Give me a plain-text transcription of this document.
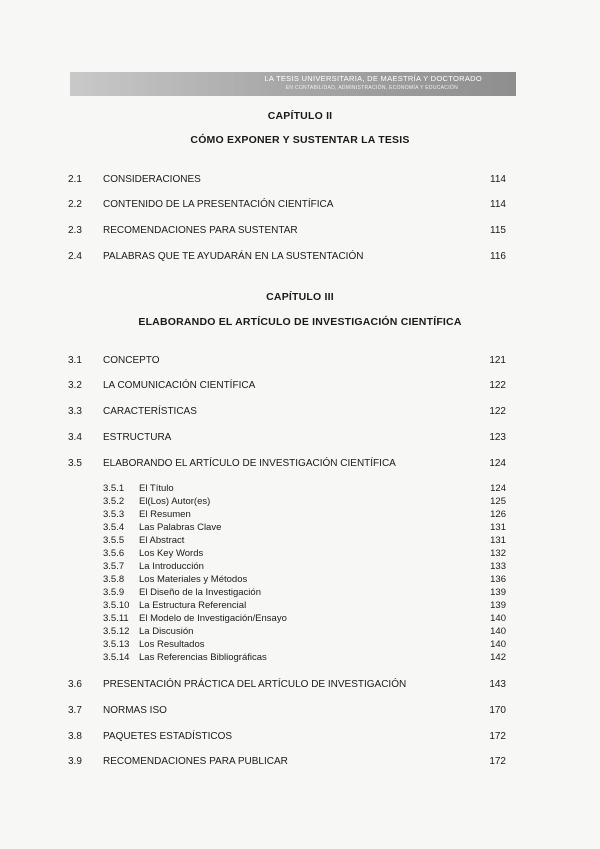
LA TESIS UNIVERSITARIA, DE MAESTRÍA Y DOCTORADO
EN CONTABILIDAD, ADMINISTRACIÓN, ECONOMÍA Y EDUCACIÓN
CAPÍTULO II
CÓMO EXPONER Y SUSTENTAR LA TESIS
2.1 CONSIDERACIONES	114
2.2 CONTENIDO DE LA PRESENTACIÓN CIENTÍFICA	114
2.3 RECOMENDACIONES PARA SUSTENTAR	115
2.4 PALABRAS QUE TE AYUDARÁN EN LA SUSTENTACIÓN	116
CAPÍTULO III
ELABORANDO EL ARTÍCULO DE INVESTIGACIÓN CIENTÍFICA
3.1 CONCEPTO	121
3.2 LA COMUNICACIÓN CIENTÍFICA	122
3.3 CARACTERÍSTICAS	122
3.4 ESTRUCTURA	123
3.5 ELABORANDO EL ARTÍCULO DE INVESTIGACIÓN CIENTÍFICA	124
3.5.1 El Título	124
3.5.2 El(Los) Autor(es)	125
3.5.3 El Resumen	126
3.5.4 Las Palabras Clave	131
3.5.5 El Abstract	131
3.5.6 Los Key Words	132
3.5.7 La Introducción	133
3.5.8 Los Materiales y Métodos	136
3.5.9 El Diseño de la Investigación	139
3.5.10 La Estructura Referencial	139
3.5.11 El Modelo de Investigación/Ensayo	140
3.5.12 La Discusión	140
3.5.13 Los Resultados	140
3.5.14 Las Referencias Bibliográficas	142
3.6 PRESENTACIÓN PRÁCTICA DEL ARTÍCULO DE INVESTIGACIÓN	143
3.7 NORMAS ISO	170
3.8 PAQUETES ESTADÍSTICOS	172
3.9 RECOMENDACIONES PARA PUBLICAR	172
